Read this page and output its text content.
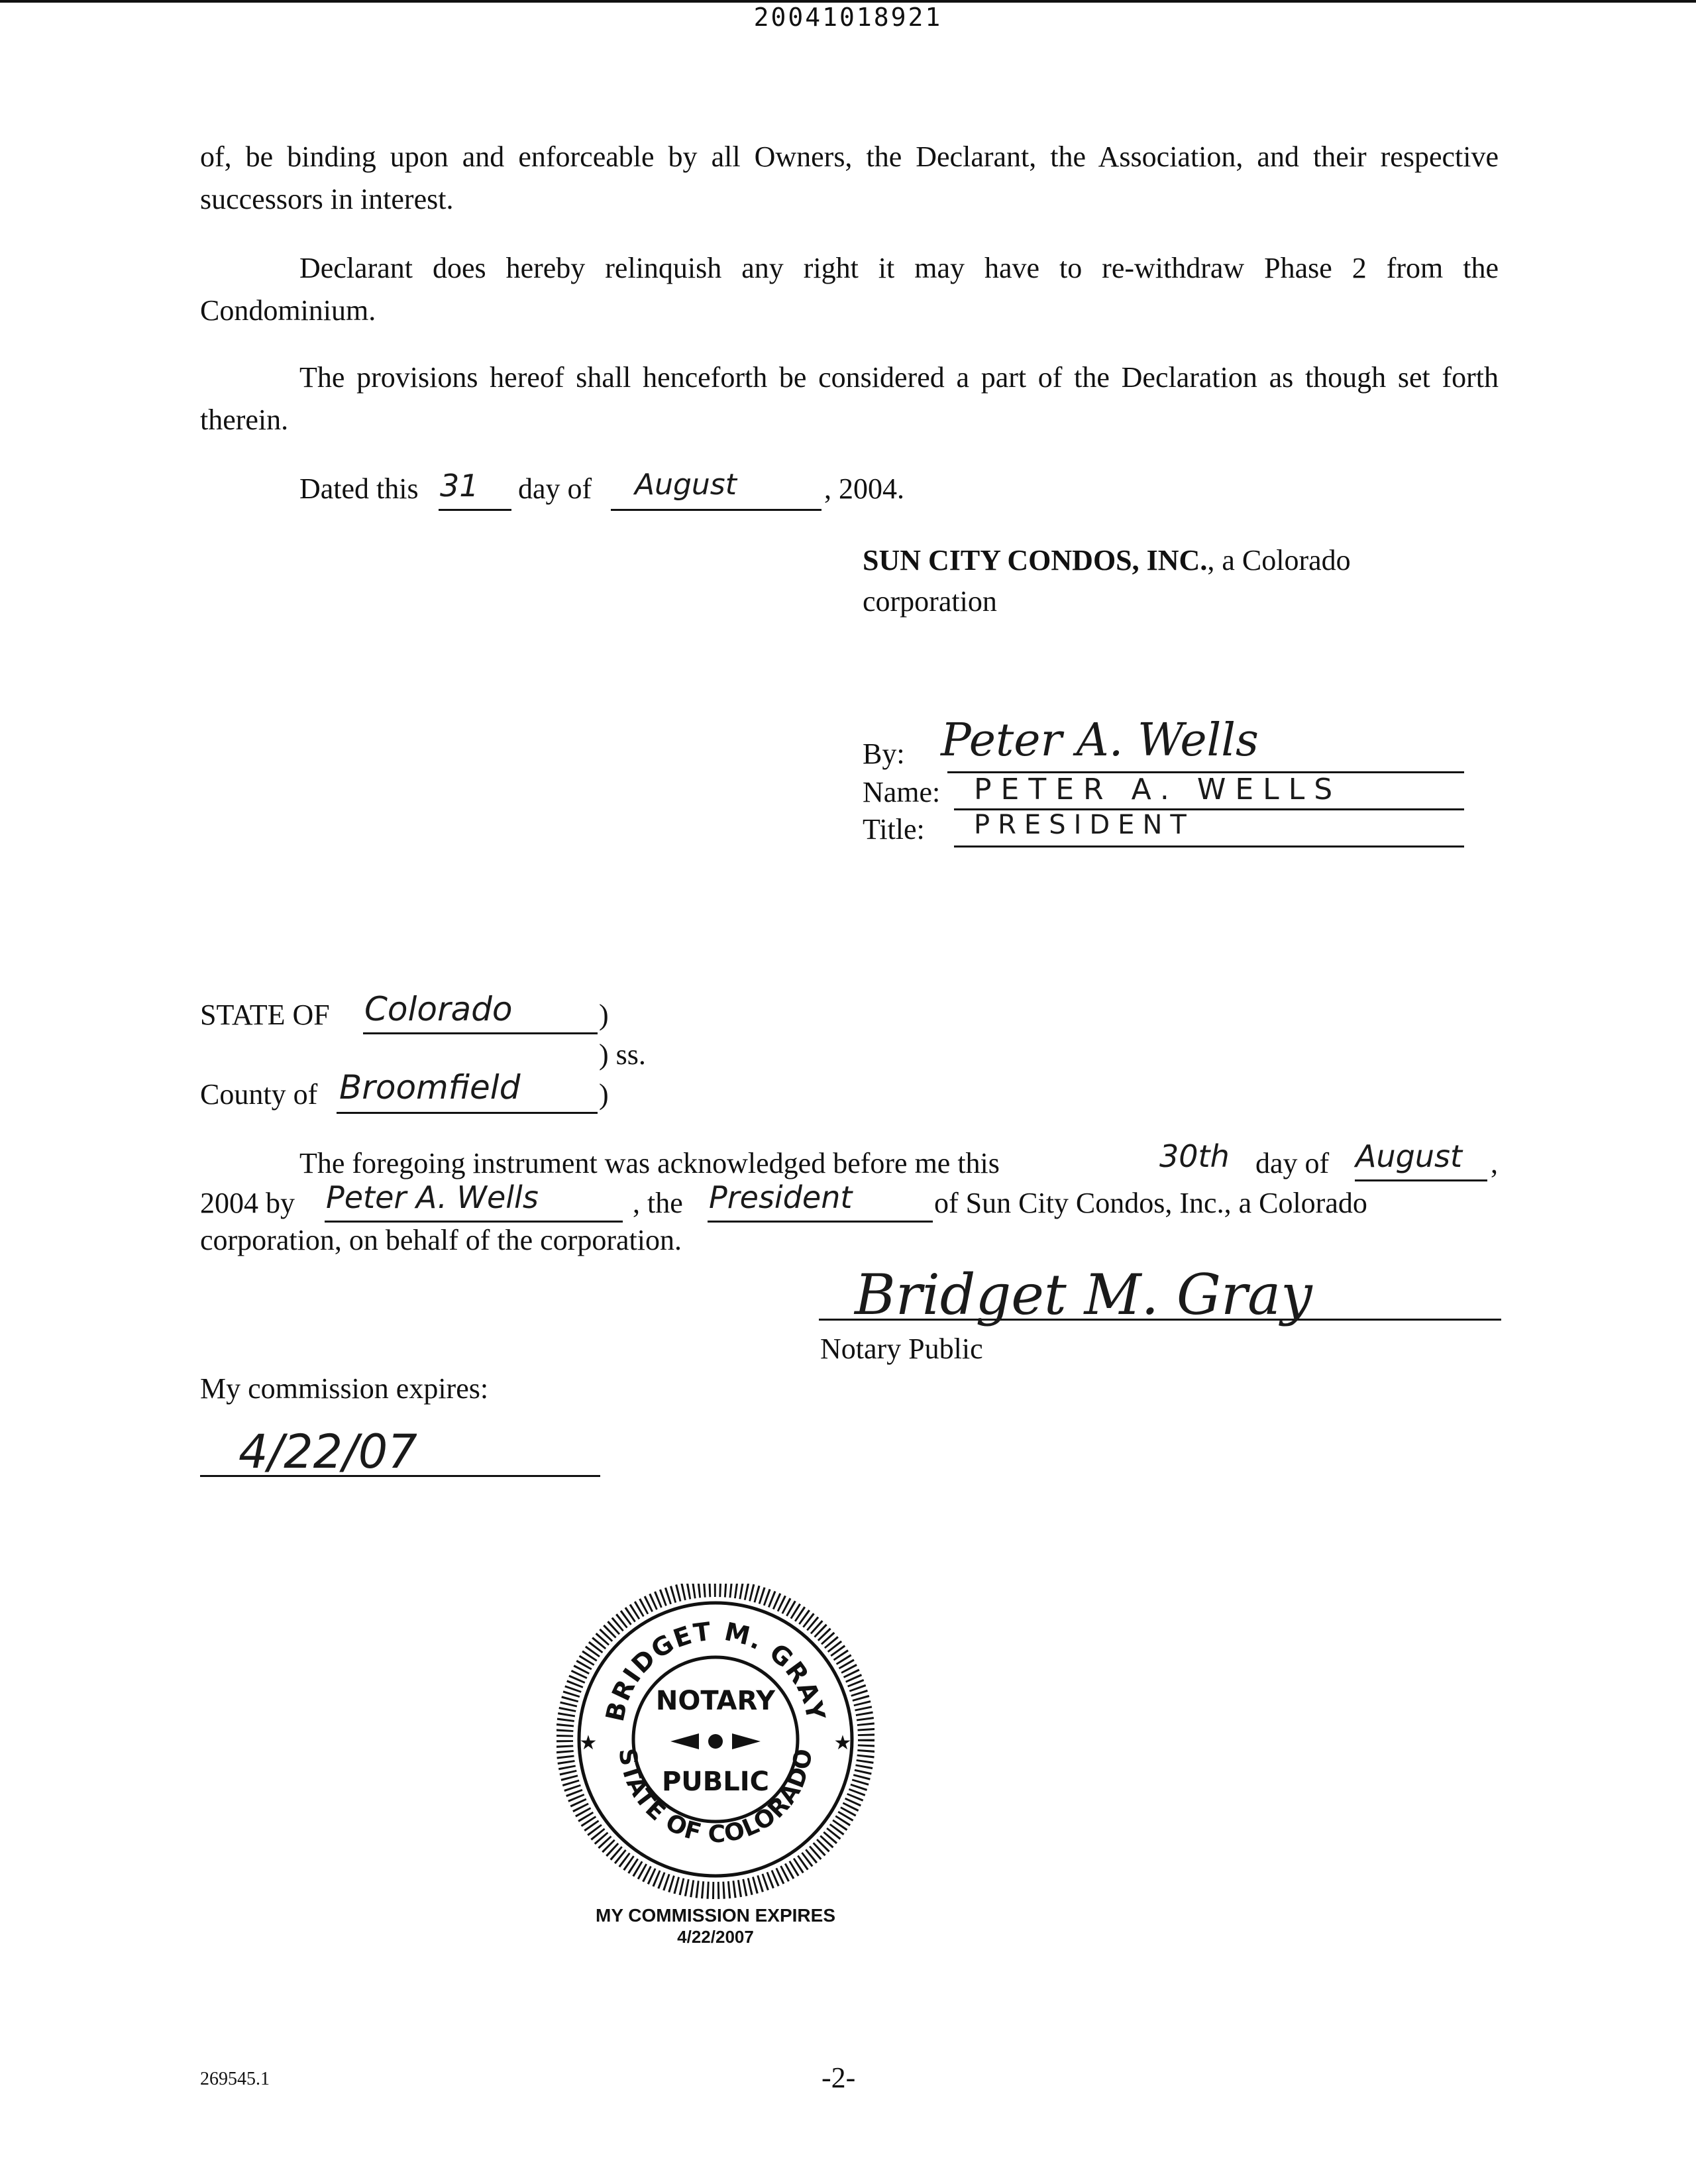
20041018921
of, be binding upon and enforceable by all Owners, the Declarant, the Association, and their respective successors in interest.
Declarant does hereby relinquish any right it may have to re-withdraw Phase 2 from the Condominium.
The provisions hereof shall henceforth be considered a part of the Declaration as though set forth therein.
Dated this 31 day of August	, 2004.
SUN CITY CONDOS, INC., a Colorado
corporation
By: Peter A. Wells
Name: PETER A. WELLS
Title: PRESIDENT
STATE OF Colorado	)
) ss.
County of Broomfield	)
The foregoing instrument was acknowledged before me this	30th day of August ,
2004 by Peter A. Wells	, the President	of Sun City Condos, Inc., a Colorado
corporation, on behalf of the corporation.
Bridget M. Gray
Notary Public
My commission expires:
4/22/07
BRIDGET M. GRAY
STATE OF COLORADO
NOTARY
PUBLIC
★	★
MY COMMISSION EXPIRES
4/22/2007
269545.1	-2-
